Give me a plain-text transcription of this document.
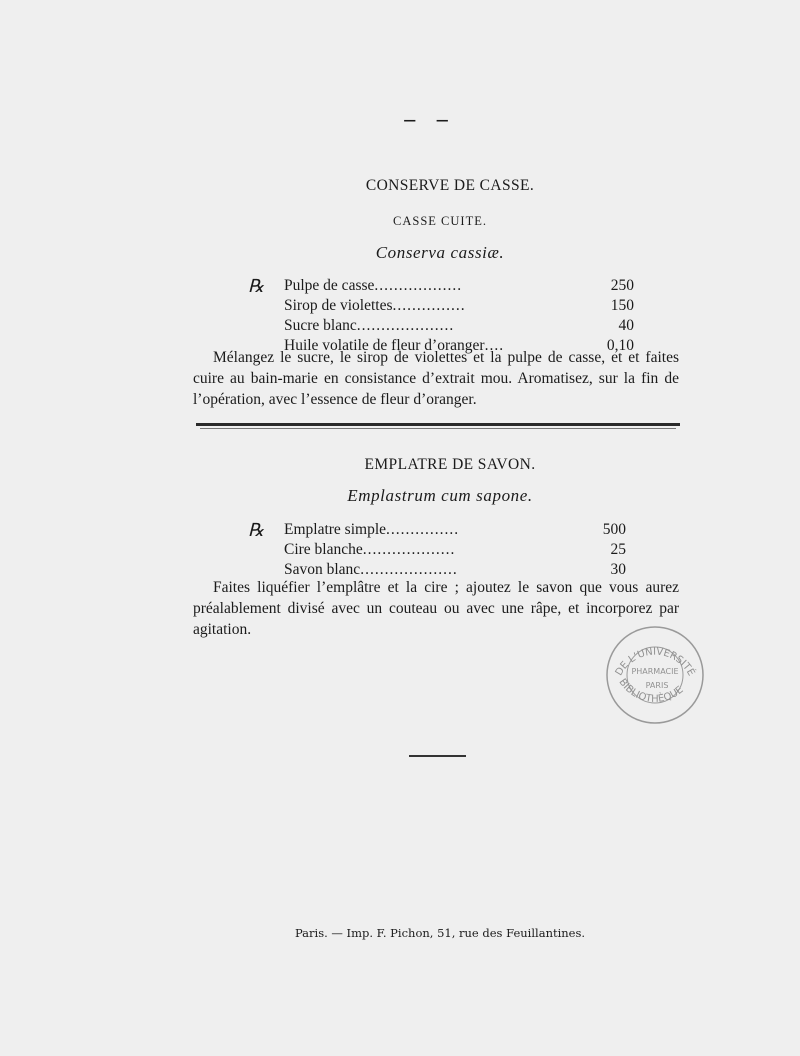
– –
CONSERVE DE CASSE.
CASSE CUITE.
Conserva cassiæ.
℞ Pulpe de casse..................	250
Sirop de violettes...............	150
Sucre blanc....................	40
Huile volatile de fleur d’oranger....	0,10
Mélangez le sucre, le sirop de violettes et la pulpe de casse, et et faites cuire au bain-marie en consistance d’extrait mou. Aromatisez, sur la fin de l’opération, avec l’essence de fleur d’oranger.
EMPLATRE DE SAVON.
Emplastrum cum sapone.
℞ Emplatre simple...............	500
Cire blanche...................	25
Savon blanc....................	30
Faites liquéfier l’emplâtre et la cire ; ajoutez le savon que vous aurez préalablement divisé avec un couteau ou avec une râpe, et incorporez par agitation.
DE L’UNIVERSITÉ
BIBLIOTHÈQUE
PHARMACIE
PARIS
Paris. — Imp. F. Pichon, 51, rue des Feuillantines.
